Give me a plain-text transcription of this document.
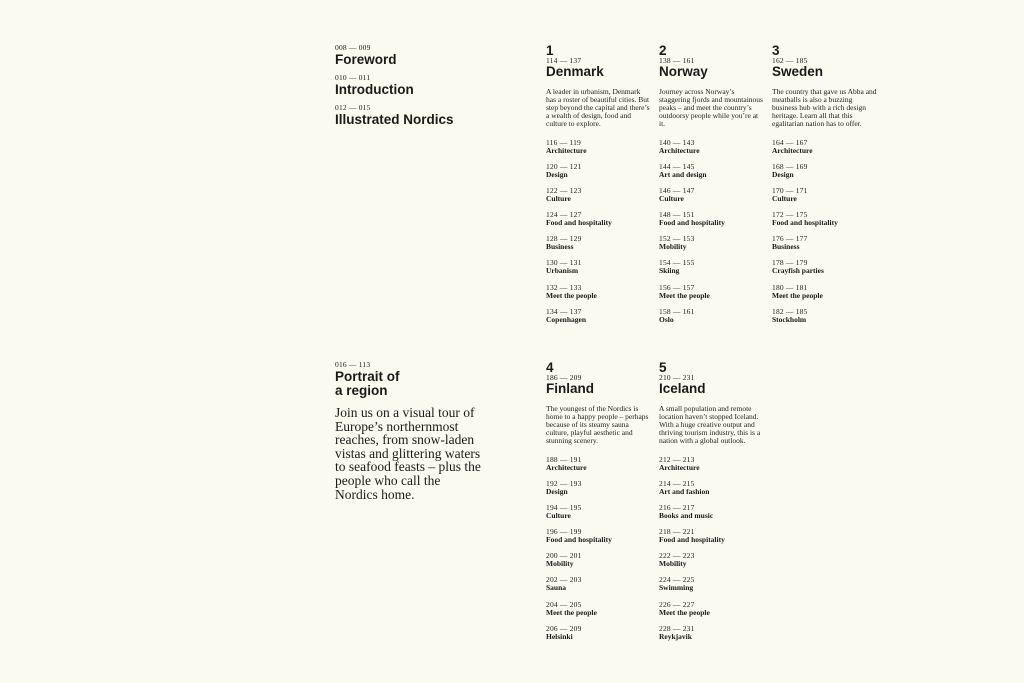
008 — 009
Foreword
010 — 011
Introduction
012 — 015
Illustrated Nordics
016 — 113
Portrait of
a region
Join us on a visual tour of Europe’s northernmost reaches, from snow-laden vistas and glittering waters to seafood feasts – plus the people who call the Nordics home.
1
114 — 137
Denmark
A leader in urbanism, Denmark has a roster of beautiful cities. But step beyond the capital and there’s a wealth of design, food and culture to explore.
116 — 119
Architecture
120 — 121
Design
122 — 123
Culture
124 — 127
Food and hospitality
128 — 129
Business
130 — 131
Urbanism
132 — 133
Meet the people
134 — 137
Copenhagen
2
138 — 161
Norway
Journey across Norway’s staggering fjords and mountainous peaks – and meet the country’s outdoorsy people while you’re at it.
140 — 143
Architecture
144 — 145
Art and design
146 — 147
Culture
148 — 151
Food and hospitality
152 — 153
Mobility
154 — 155
Skiing
156 — 157
Meet the people
158 — 161
Oslo
3
162 — 185
Sweden
The country that gave us Abba and meatballs is also a buzzing business hub with a rich design heritage. Learn all that this egalitarian nation has to offer.
164 — 167
Architecture
168 — 169
Design
170 — 171
Culture
172 — 175
Food and hospitality
176 — 177
Business
178 — 179
Crayfish parties
180 — 181
Meet the people
182 — 185
Stockholm
4
186 — 209
Finland
The youngest of the Nordics is home to a happy people – perhaps because of its steamy sauna culture, playful aesthetic and stunning scenery.
188 — 191
Architecture
192 — 193
Design
194 — 195
Culture
196 — 199
Food and hospitality
200 — 201
Mobility
202 — 203
Sauna
204 — 205
Meet the people
206 — 209
Helsinki
5
210 — 231
Iceland
A small population and remote location haven’t stopped Iceland. With a huge creative output and thriving tourism industry, this is a nation with a global outlook.
212 — 213
Architecture
214 — 215
Art and fashion
216 — 217
Books and music
218 — 221
Food and hospitality
222 — 223
Mobility
224 — 225
Swimming
226 — 227
Meet the people
228 — 231
Reykjavik
